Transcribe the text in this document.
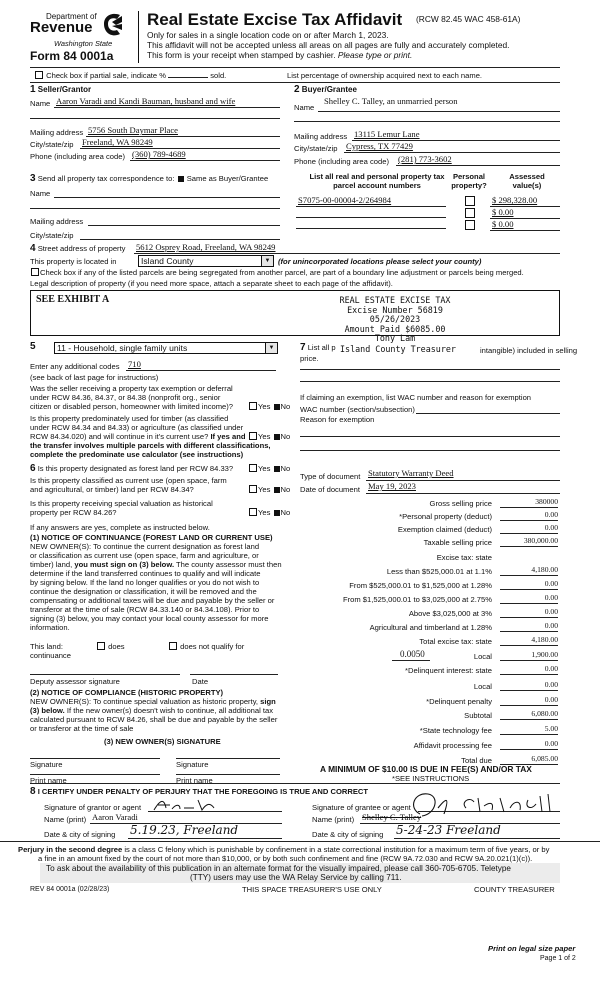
Department of
Revenue
Washington State
Form 84 0001a
Real Estate Excise Tax Affidavit (RCW 82.45 WAC 458-61A)
Only for sales in a single location code on or after March 1, 2023.
This affidavit will not be accepted unless all areas on all pages are fully and accurately completed.
This form is your receipt when stamped by cashier. Please type or print.
Check box if partial sale, indicate %	sold.	List percentage of ownership acquired next to each name.
1 Seller/Grantor
Name Aaron Varadi and Kandi Bauman, husband and wife
Mailing address 5756 South Daymar Place
City/state/zip Freeland, WA 98249
Phone (including area code) (360) 789-4689
2 Buyer/Grantee
Name
Shelley C. Talley, an unmarried person
Mailing address 13115 Lemur Lane
City/state/zip Cypress, TX 77429
Phone (including area code) (281) 773-3602
3 Send all property tax correspondence to: Same as Buyer/Grantee
Name
Mailing address
City/state/zip
List all real and personal property tax
parcel account numbers
Personal
property?
Assessed
value(s)
S7075-00-00004-2/264984	$ 298,328.00
$ 0.00
$ 0.00
4 Street address of property 5612 Osprey Road, Freeland, WA 98249
This property is located in	Island County	▼ (for unincorporated locations please select your county)
Check box if any of the listed parcels are being segregated from another parcel, are part of a boundary line adjustment or parcels being merged.
Legal description of property (if you need more space, attach a separate sheet to each page of the affidavit).
SEE EXHIBIT A	REAL ESTATE EXCISE TAX
Excise Number 56819
05/26/2023
Amount Paid $6085.00
Tony Lam
5	11 - Household, single family units	▼
Enter any additional codes 710
(see back of last page for instructions)
Was the seller receiving a property tax exemption or deferral
under RCW 84.36, 84.37, or 84.38 (nonprofit org., senior
citizen or disabled person, homeowner with limited income)?	Yes No
Is this property predominately used for timber (as classified
under RCW 84.34 and 84.33) or agriculture (as classified under
RCW 84.34.020) and will continue in it's current use? If yes and
the transfer involves multiple parcels with different classifications,
complete the predominate use calculator (see instructions)
Yes No
6 Is this property designated as forest land per RCW 84.33?	Yes No
Is this property classified as current use (open space, farm
and agricultural, or timber) land per RCW 84.34?	Yes No
Is this property receiving special valuation as historical
property per RCW 84.26?	Yes No
If any answers are yes, complete as instructed below.
(1) NOTICE OF CONTINUANCE (FOREST LAND OR CURRENT USE)
NEW OWNER(S): To continue the current designation as forest land
or classification as current use (open space, farm and agriculture, or
timber) land, you must sign on (3) below. The county assessor must then
determine if the land transferred continues to qualify and will indicate
by signing below. If the land no longer qualifies or you do not wish to
continue the designation or classification, it will be removed and the
compensating or additional taxes will be due and payable by the seller or
transferor at the time of sale (RCW 84.33.140 or 84.34.108). Prior to
signing (3) below, you may contact your local county assessor for more
information.
This land:
continuance
does	does not qualify for
Deputy assessor signature	Date
(2) NOTICE OF COMPLIANCE (HISTORIC PROPERTY)
NEW OWNER(S): To continue special valuation as historic property, sign
(3) below. If the new owner(s) doesn't wish to continue, all additional tax
calculated pursuant to RCW 84.26, shall be due and payable by the seller
or transferor at the time of sale
(3) NEW OWNER(S) SIGNATURE
Signature	Signature
Print name	Print name
7 List all p	intangible) included in selling
price.
Island County Treasurer
If claiming an exemption, list WAC number and reason for exemption
WAC number (section/subsection)
Reason for exemption
Type of document Statutory Warranty Deed
Date of document May 19, 2023
Gross selling price	380000
*Personal property (deduct)	0.00
Exemption claimed (deduct)	0.00
Taxable selling price	380,000.00
Excise tax: state
Less than $525,000.01 at 1.1%	4,180.00
From $525,000.01 to $1,525,000 at 1.28%	0.00
From $1,525,000.01 to $3,025,000 at 2.75%	0.00
Above $3,025,000 at 3%	0.00
Agricultural and timberland at 1.28%	0.00
Total excise tax: state	4,180.00
0.0050	Local	1,900.00
*Delinquent interest: state	0.00
Local	0.00
*Delinquent penalty	0.00
Subtotal	6,080.00
*State technology fee	5.00
Affidavit processing fee	0.00
Total due	6,085.00
A MINIMUM OF $10.00 IS DUE IN FEE(S) AND/OR TAX
*SEE INSTRUCTIONS
8 I CERTIFY UNDER PENALTY OF PERJURY THAT THE FOREGOING IS TRUE AND CORRECT
Signature of grantor or agent
Name (print) Aaron Varadi
Date & city of signing 5.19.23, Freeland
Signature of grantee or agent
Name (print) Shelley C. Talley
Date & city of signing 5-24-23 Freeland
Perjury in the second degree is a class C felony which is punishable by confinement in a state correctional institution for a maximum term of five years, or by
a fine in an amount fixed by the court of not more than $10,000, or by both such confinement and fine (RCW 9A.72.030 and RCW 9A.20.021(1)(c)).
To ask about the availability of this publication in an alternate format for the visually impaired, please call 360-705-6705. Teletype
(TTY) users may use the WA Relay Service by calling 711.
REV 84 0001a (02/28/23)	THIS SPACE TREASURER'S USE ONLY	COUNTY TREASURER
Print on legal size paper
Page 1 of 2
